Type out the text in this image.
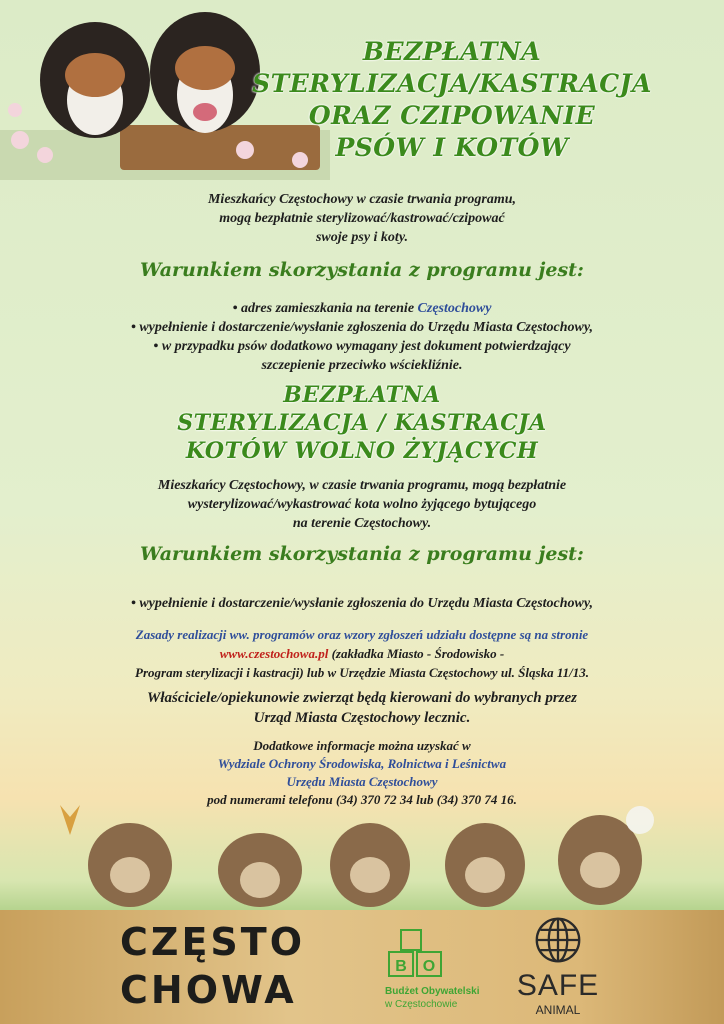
BEZPŁATNA
STERYLIZACJA/KASTRACJA
ORAZ CZIPOWANIE
PSÓW I KOTÓW
Mieszkańcy Częstochowy w czasie trwania programu,
mogą bezpłatnie sterylizować/kastrować/czipować
swoje psy i koty.
Warunkiem skorzystania z programu jest:
• adres zamieszkania na terenie Częstochowy
• wypełnienie i dostarczenie/wysłanie zgłoszenia do Urzędu Miasta Częstochowy,
• w przypadku psów dodatkowo wymagany jest dokument potwierdzający
szczepienie przeciwko wściekliźnie.
BEZPŁATNA
STERYLIZACJA / KASTRACJA
KOTÓW WOLNO ŻYJĄCYCH
Mieszkańcy Częstochowy, w czasie trwania programu, mogą bezpłatnie
wysterylizować/wykastrować kota wolno żyjącego bytującego
na terenie Częstochowy.
Warunkiem skorzystania z programu jest:
• wypełnienie i dostarczenie/wysłanie zgłoszenia do Urzędu Miasta Częstochowy,
Zasady realizacji ww. programów oraz wzory zgłoszeń udziału dostępne są na stronie
www.czestochowa.pl (zakładka Miasto - Środowisko -
Program sterylizacji i kastracji) lub w Urzędzie Miasta Częstochowy ul. Śląska 11/13.
Właściciele/opiekunowie zwierząt będą kierowani do wybranych przez
Urząd Miasta Częstochowy lecznic.
Dodatkowe informacje można uzyskać w
Wydziale Ochrony Środowiska, Rolnictwa i Leśnictwa
Urzędu Miasta Częstochowy
pod numerami telefonu (34) 370 72 34 lub (34) 370 74 16.
CZĘSTO
CHOWA
B O
Budżet Obywatelski
w Częstochowie
SAFE
ANIMAL
